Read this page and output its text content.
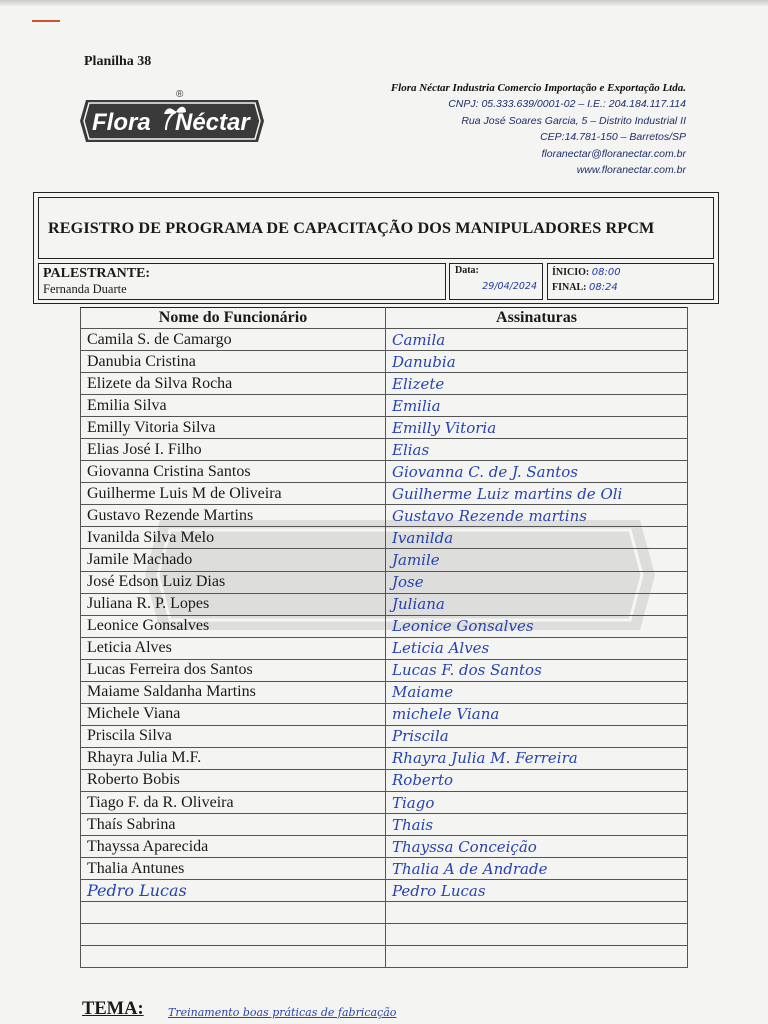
Planilha 38
Flora Néctar
®
Flora Néctar Industria Comercio Importação e Exportação Ltda.
CNPJ: 05.333.639/0001-02 – I.E.: 204.184.117.114
Rua José Soares Garcia, 5 – Distrito Industrial II
CEP:14.781-150 – Barretos/SP
floranectar@floranectar.com.br
www.floranectar.com.br
REGISTRO DE PROGRAMA DE CAPACITAÇÃO DOS MANIPULADORES RPCM
PALESTRANTE:
Fernanda Duarte
Data:
29/04/2024
ÍNICIO: 08:00
FINAL: 08:24
Nome do Funcionário	Assinaturas
Camila S. de Camargo	Camila
Danubia Cristina	Danubia
Elizete da Silva Rocha	Elizete
Emilia Silva	Emilia
Emilly Vitoria Silva	Emilly Vitoria
Elias José I. Filho	Elias
Giovanna Cristina Santos	Giovanna C. de J. Santos
Guilherme Luis M de Oliveira	Guilherme Luiz martins de Oli
Gustavo Rezende Martins	Gustavo Rezende martins
Ivanilda Silva Melo	Ivanilda
Jamile Machado	Jamile
José Edson Luiz Dias	Jose
Juliana R. P. Lopes	Juliana
Leonice Gonsalves	Leonice Gonsalves
Leticia Alves	Leticia Alves
Lucas Ferreira dos Santos	Lucas F. dos Santos
Maiame Saldanha Martins	Maiame
Michele Viana	michele Viana
Priscila Silva	Priscila
Rhayra Julia M.F.	Rhayra Julia M. Ferreira
Roberto Bobis	Roberto
Tiago F. da R. Oliveira	Tiago
Thaís Sabrina	Thais
Thayssa Aparecida	Thayssa Conceição
Thalia Antunes	Thalia A de Andrade
Pedro Lucas	Pedro Lucas

TEMA: Treinamento boas práticas de fabricação
